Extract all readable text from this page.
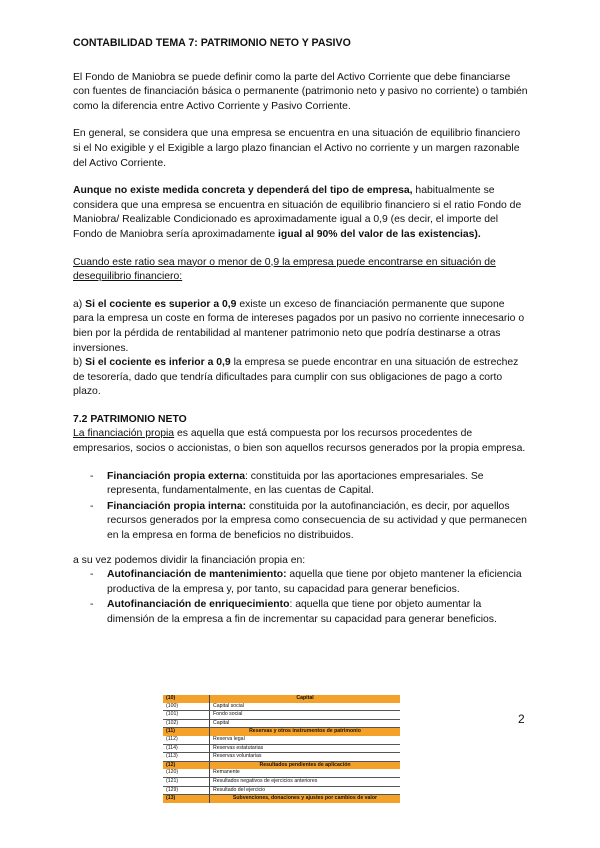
CONTABILIDAD TEMA 7: PATRIMONIO NETO Y PASIVO

El Fondo de Maniobra se puede definir como la parte del Activo Corriente que debe financiarse con fuentes de financiación básica o permanente (patrimonio neto y pasivo no corriente) o también como la diferencia entre Activo Corriente y Pasivo Corriente.

En general, se considera que una empresa se encuentra en una situación de equilibrio financiero si el No exigible y el Exigible a largo plazo financian el Activo no corriente y un margen razonable del Activo Corriente.

Aunque no existe medida concreta y dependerá del tipo de empresa, habitualmente se considera que una empresa se encuentra en situación de equilibrio financiero si el ratio Fondo de Maniobra/ Realizable Condicionado es aproximadamente igual a 0,9 (es decir, el importe del Fondo de Maniobra sería aproximadamente igual al 90% del valor de las existencias).

Cuando este ratio sea mayor o menor de 0,9 la empresa puede encontrarse en situación de desequilibrio financiero:

a) Si el cociente es superior a 0,9 existe un exceso de financiación permanente que supone para la empresa un coste en forma de intereses pagados por un pasivo no corriente innecesario o bien por la pérdida de rentabilidad al mantener patrimonio neto que podría destinarse a otras inversiones.

b) Si el cociente es inferior a 0,9 la empresa se puede encontrar en una situación de estrechez de tesorería, dado que tendría dificultades para cumplir con sus obligaciones de pago a corto plazo.

7.2 PATRIMONIO NETO

La financiación propia es aquella que está compuesta por los recursos procedentes de empresarios, socios o accionistas, o bien son aquellos recursos generados por la propia empresa.

- Financiación propia externa: constituida por las aportaciones empresariales. Se representa, fundamentalmente, en las cuentas de Capital.
- Financiación propia interna: constituida por la autofinanciación, es decir, por aquellos recursos generados por la empresa como consecuencia de su actividad y que permanecen en la empresa en forma de beneficios no distribuidos.

a su vez podemos dividir la financiación propia en:

- Autofinanciación de mantenimiento: aquella que tiene por objeto mantener la eficiencia productiva de la empresa y, por tanto, su capacidad para generar beneficios.
- Autofinanciación de enriquecimiento: aquella que tiene por objeto aumentar la dimensión de la empresa a fin de incrementar su capacidad para generar beneficios.
(10)	Capital
(100)	Capital social
(101)	Fondo social
(102)	Capital
(11)	Reservas y otros instrumentos de patrimonio
(112)	Reserva legal
(114)	Reservas estatutarias
(113)	Reservas voluntarias
(12)	Resultados pendientes de aplicación
(120)	Remanente
(121)	Resultados negativos de ejercicios anteriores
(129)	Resultado del ejercicio
(13)	Subvenciones, donaciones y ajustes por cambios de valor
2
